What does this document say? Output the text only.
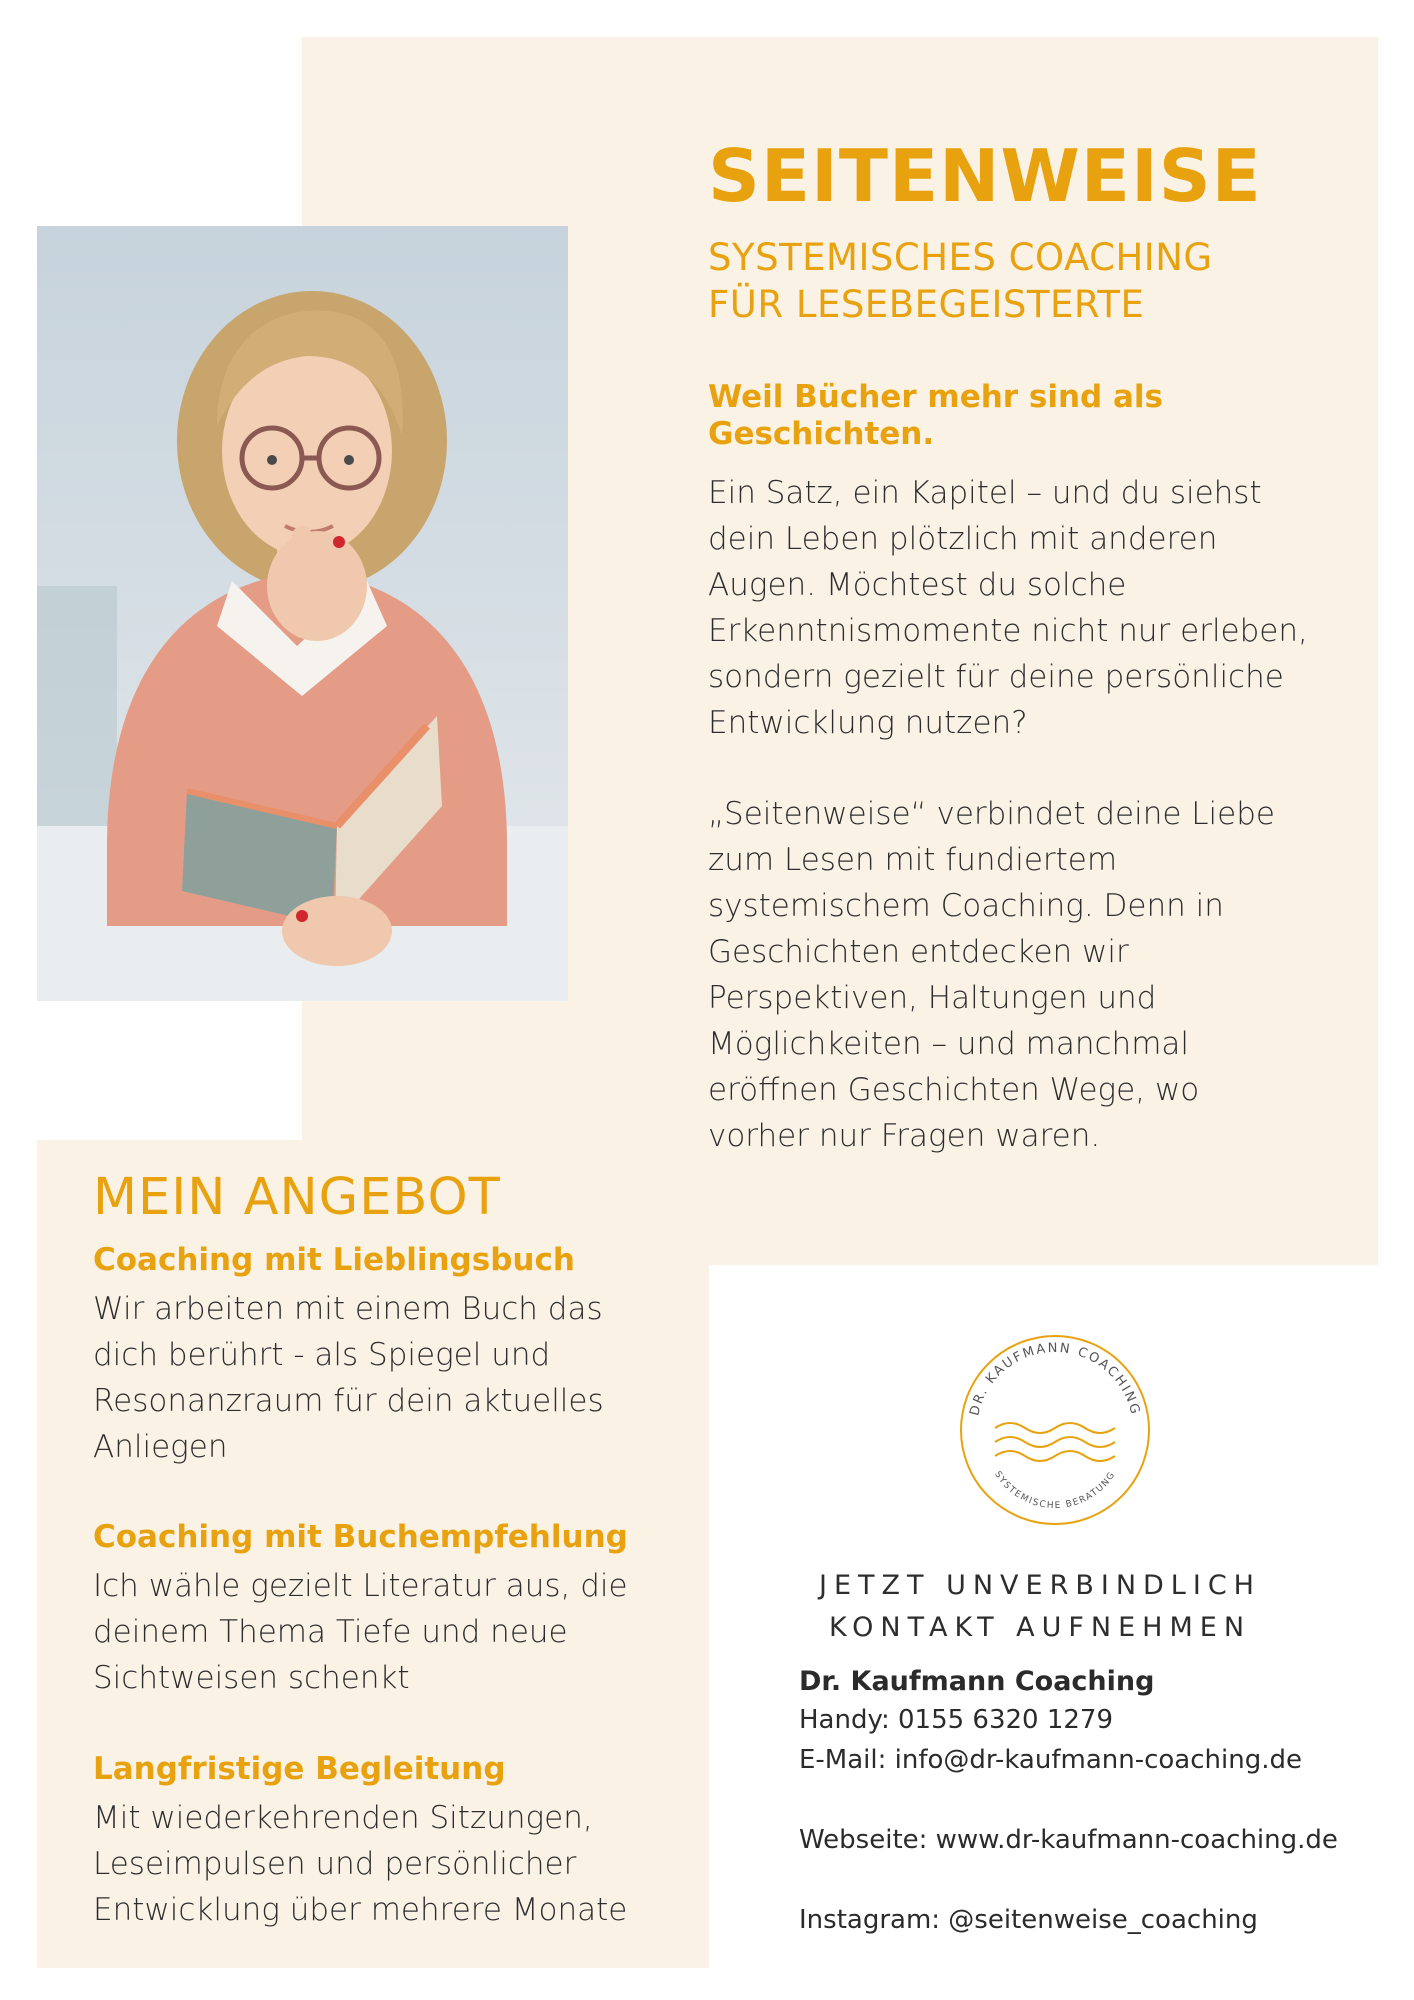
SEITENWEISE
SYSTEMISCHES COACHING
FÜR LESEBEGEISTERTE
Weil Bücher mehr sind als Geschichten.
Ein Satz, ein Kapitel – und du siehst dein Leben plötzlich mit anderen Augen. Möchtest du solche Erkenntnismomente nicht nur erleben, sondern gezielt für deine persönliche Entwicklung nutzen?
„Seitenweise“ verbindet deine Liebe zum Lesen mit fundiertem systemischem Coaching. Denn in Geschichten entdecken wir Perspektiven, Haltungen und Möglichkeiten – und manchmal eröffnen Geschichten Wege, wo vorher nur Fragen waren.
MEIN ANGEBOT
Coaching mit Lieblingsbuch
Wir arbeiten mit einem Buch das dich berührt - als Spiegel und Resonanzraum für dein aktuelles Anliegen
Coaching mit Buchempfehlung
Ich wähle gezielt Literatur aus, die deinem Thema Tiefe und neue Sichtweisen schenkt
Langfristige Begleitung
Mit wiederkehrenden Sitzungen, Leseimpulsen und persönlicher Entwicklung über mehrere Monate
DR. KAUFMANN COACHING
SYSTEMISCHE BERATUNG
JETZT UNVERBINDLICH
KONTAKT AUFNEHMEN
Dr. Kaufmann Coaching
Handy: 0155 6320 1279
E-Mail: info@dr-kaufmann-coaching.de
Webseite: www.dr-kaufmann-coaching.de
Instagram: @seitenweise_coaching
